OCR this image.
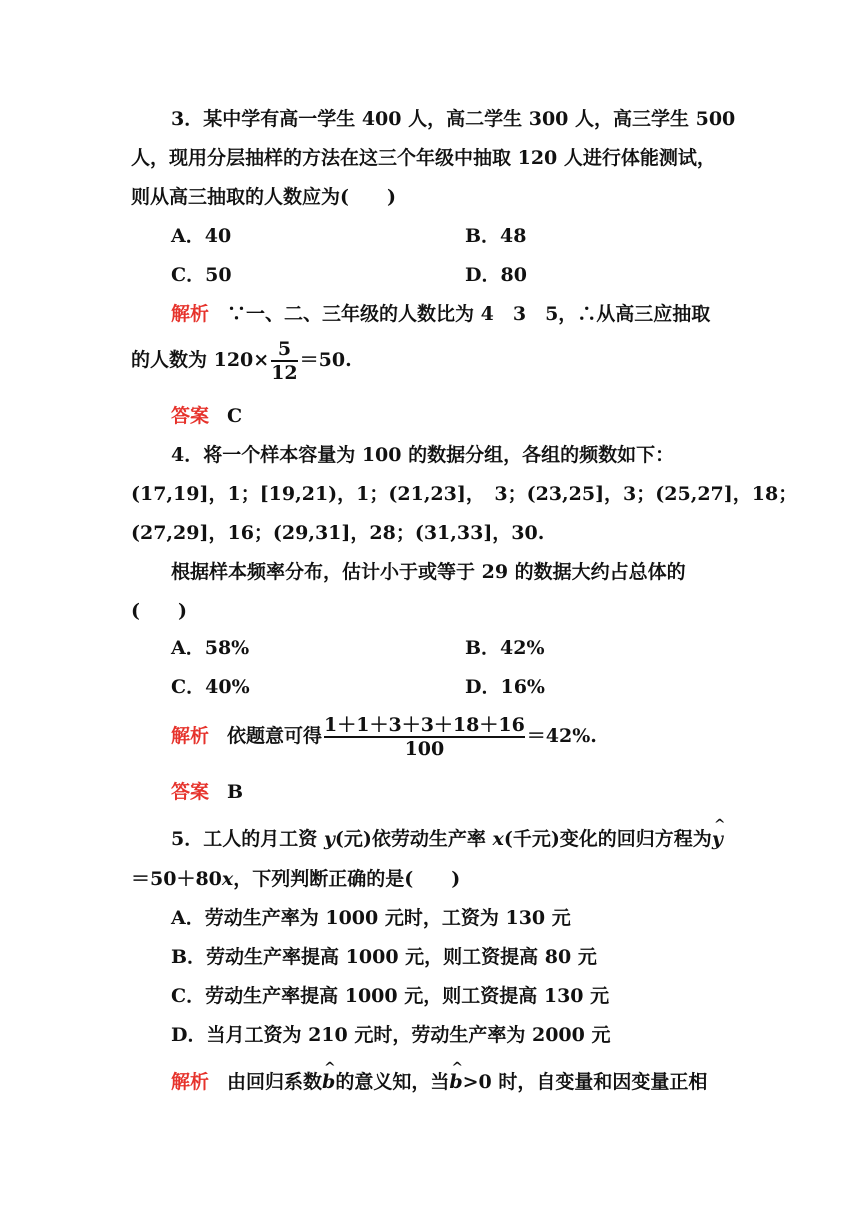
3．某中学有高一学生 400 人，高二学生 300 人，高三学生 500
人，现用分层抽样的方法在这三个年级中抽取 120 人进行体能测试，
则从高三抽取的人数应为(　　)
A．40	B．48
C．50	D．80
解析 ∵一、二、三年级的人数比为 4　3　5，∴从高三应抽取
的人数为 $120\times \frac{5}{12} =50$.
答案 C
4．将一个样本容量为 100 的数据分组，各组的频数如下：
(17,19]，1；[19,21)，1；(21,23]，　3；(23,25]，3；(25,27]，18；
(27,29]，16；(29,31]，28；(31,33]，30.
根据样本频率分布，估计小于或等于 29 的数据大约占总体的
(　　)
A．58%	B．42%
C．40%	D．16%
解析 依题意可得 $\frac{1+1+3+3+18+16}{100} =42\%$.
答案 B
5．工人的月工资 y(元)依劳动生产率 x(千元)变化的回归方程为^ y
＝50＋80x，下列判断正确的是(　　)
A．劳动生产率为 1000 元时，工资为 130 元
B．劳动生产率提高 1000 元，则工资提高 80 元
C．劳动生产率提高 1000 元，则工资提高 130 元
D．当月工资为 210 元时，劳动生产率为 2000 元
解析 由回归系数^ b的意义知，当^ b>0 时，自变量和因变量正相
